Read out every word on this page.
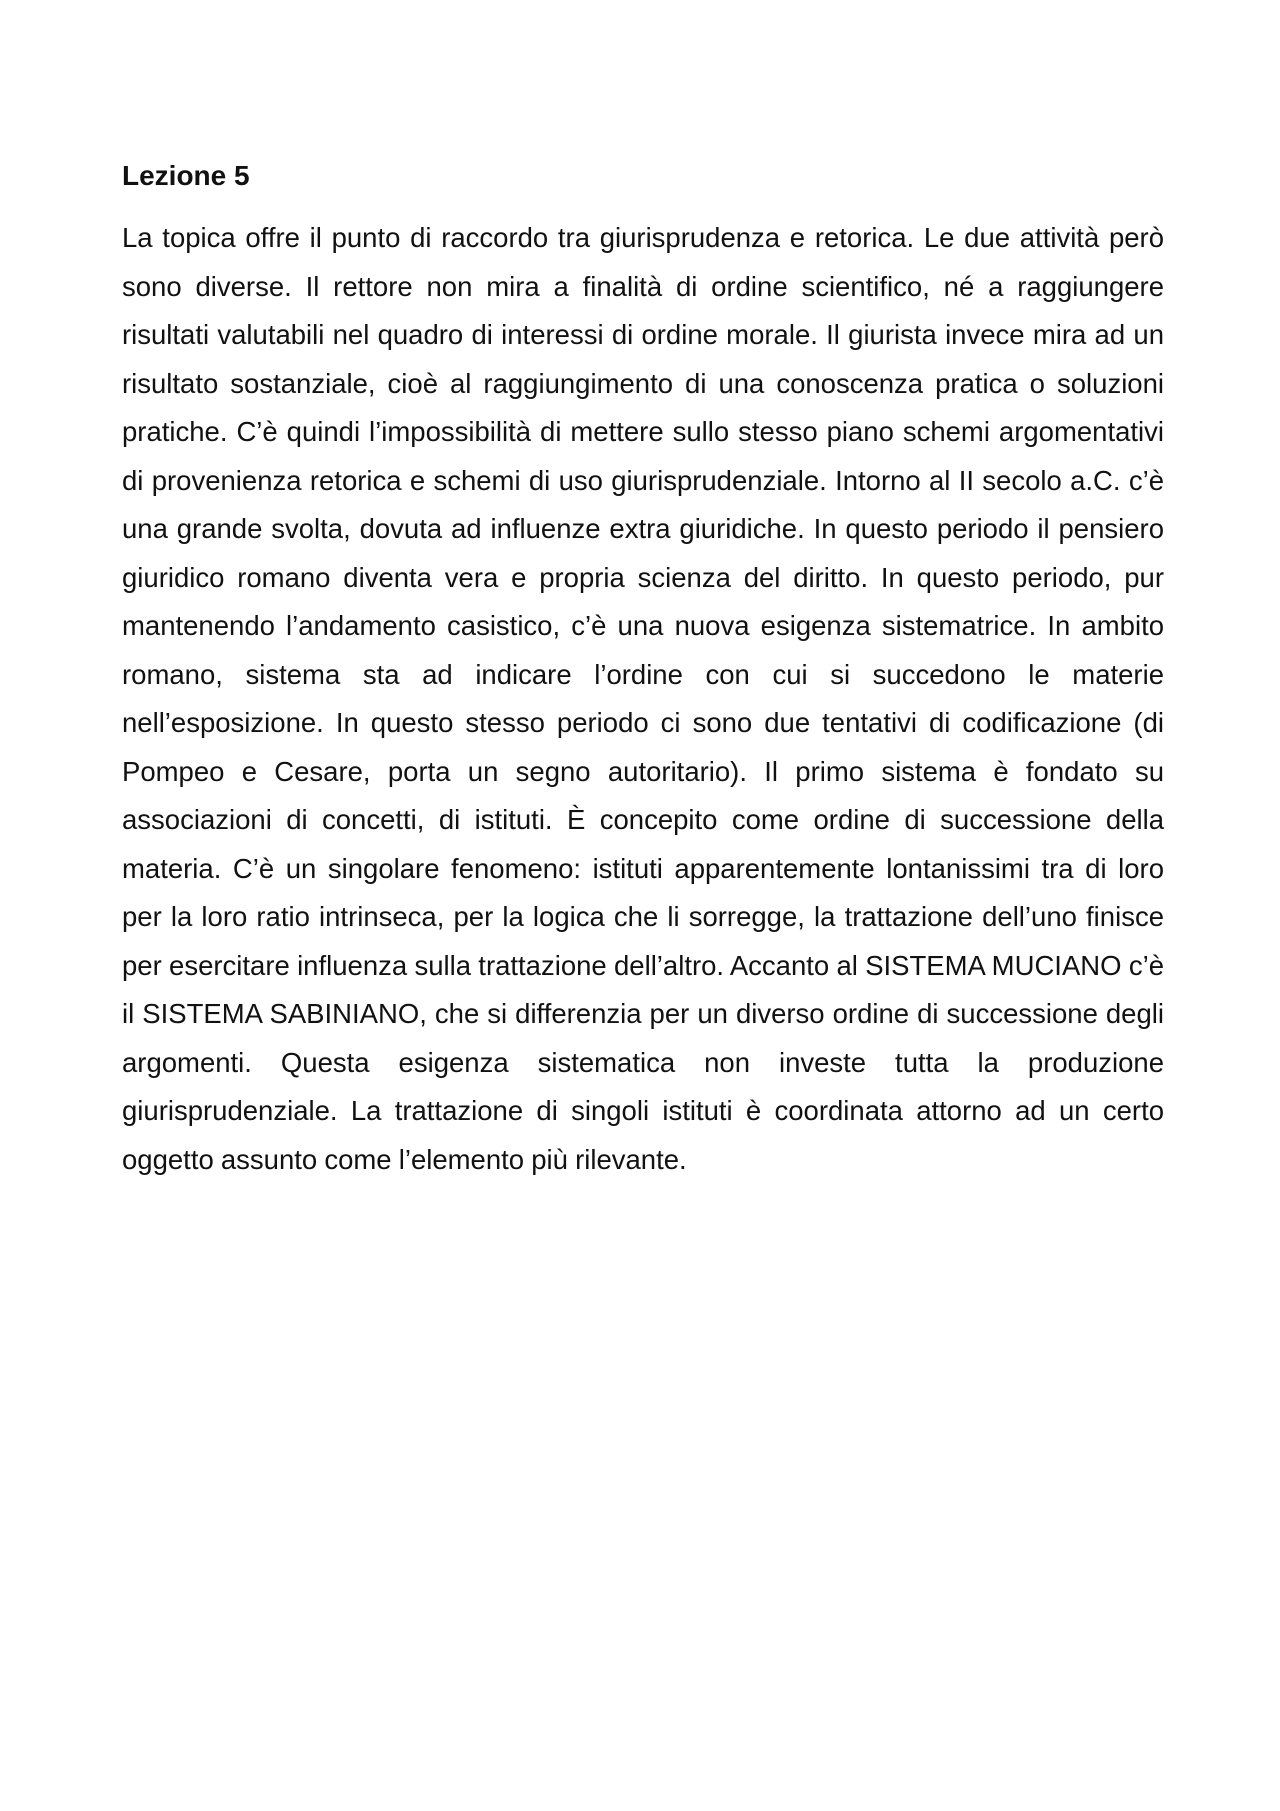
Lezione 5

La topica offre il punto di raccordo tra giurisprudenza e retorica. Le due attività però sono diverse. Il rettore non mira a finalità di ordine scientifico, né a raggiungere risultati valutabili nel quadro di interessi di ordine morale. Il giurista invece mira ad un risultato sostanziale, cioè al raggiungimento di una conoscenza pratica o soluzioni pratiche. C’è quindi l’impossibilità di mettere sullo stesso piano schemi argomentativi di provenienza retorica e schemi di uso giurisprudenziale. Intorno al II secolo a.C. c’è una grande svolta, dovuta ad influenze extra giuridiche. In questo periodo il pensiero giuridico romano diventa vera e propria scienza del diritto. In questo periodo, pur mantenendo l’andamento casistico, c’è una nuova esigenza sistematrice. In ambito romano, sistema sta ad indicare l’ordine con cui si succedono le materie nell’esposizione. In questo stesso periodo ci sono due tentativi di codificazione (di Pompeo e Cesare, porta un segno autoritario). Il primo sistema è fondato su associazioni di concetti, di istituti. È concepito come ordine di successione della materia. C’è un singolare fenomeno: istituti apparentemente lontanissimi tra di loro per la loro ratio intrinseca, per la logica che li sorregge, la trattazione dell’uno finisce per esercitare influenza sulla trattazione dell’altro. Accanto al SISTEMA MUCIANO c’è il SISTEMA SABINIANO, che si differenzia per un diverso ordine di successione degli argomenti. Questa esigenza sistematica non investe tutta la produzione giurisprudenziale. La trattazione di singoli istituti è coordinata attorno ad un certo oggetto assunto come l’elemento più rilevante.
